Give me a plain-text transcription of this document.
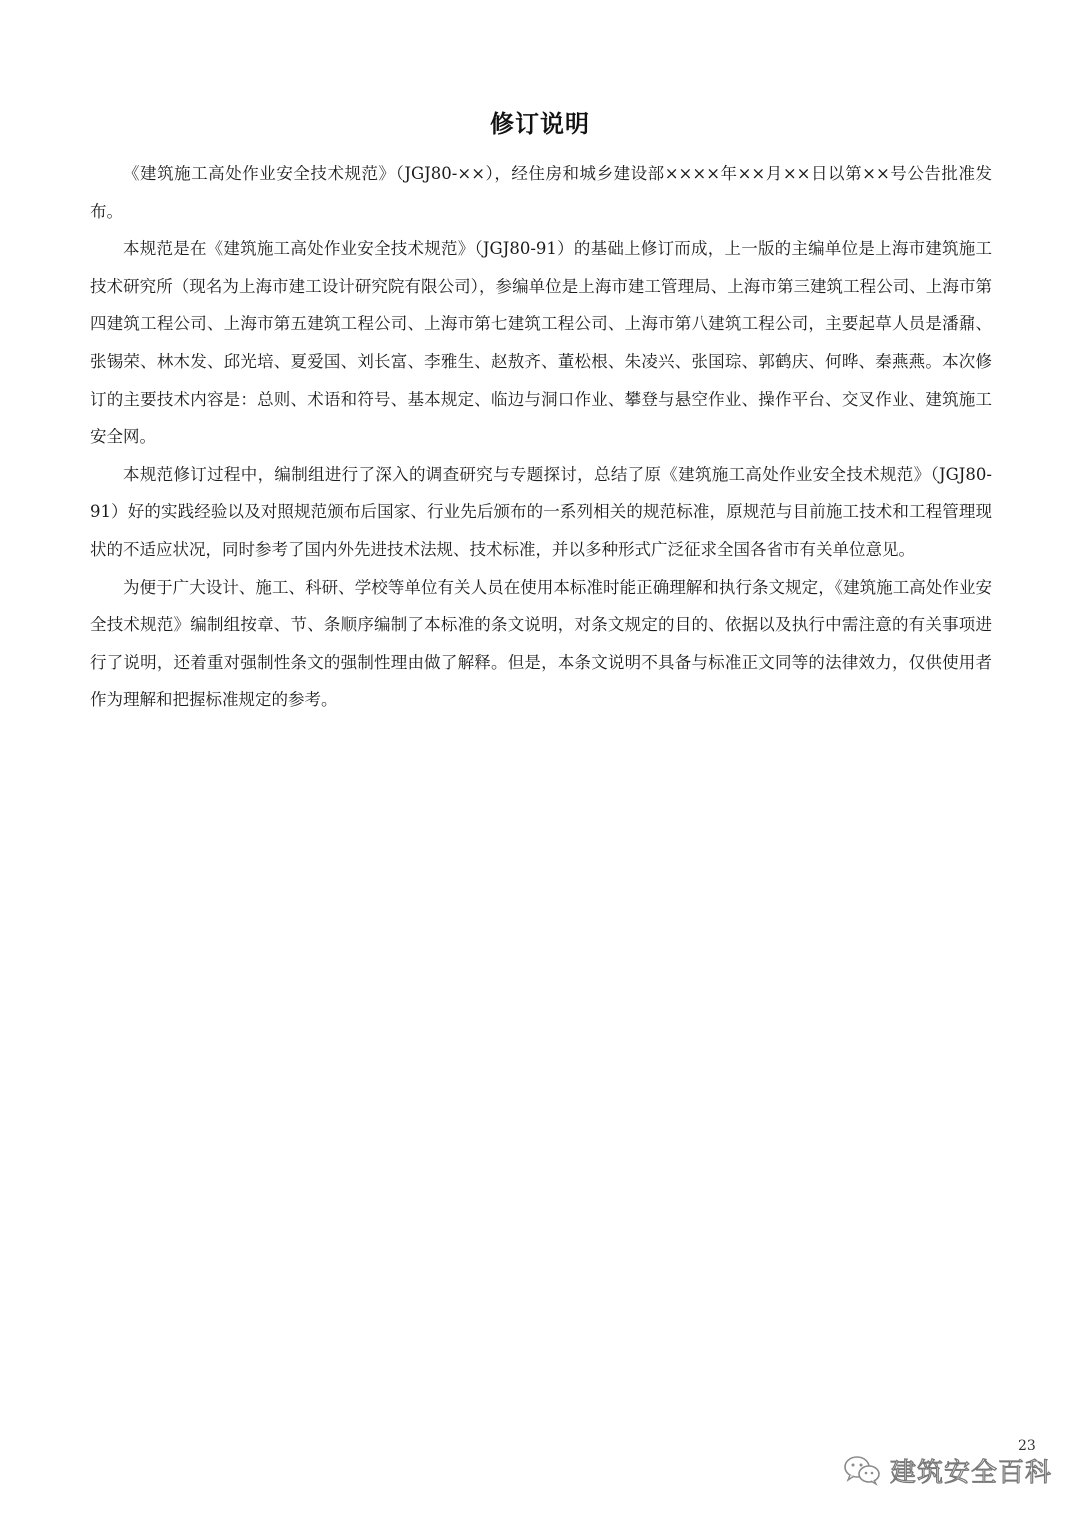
修订说明

《建筑施工高处作业安全技术规范》（JGJ80-××），经住房和城乡建设部××××年××月××日以第××号公告批准发布。

本规范是在《建筑施工高处作业安全技术规范》（JGJ80-91）的基础上修订而成，上一版的主编单位是上海市建筑施工技术研究所（现名为上海市建工设计研究院有限公司），参编单位是上海市建工管理局、上海市第三建筑工程公司、上海市第四建筑工程公司、上海市第五建筑工程公司、上海市第七建筑工程公司、上海市第八建筑工程公司，主要起草人员是潘鼐、张锡荣、林木发、邱光培、夏爱国、刘长富、李雅生、赵敖齐、董松根、朱凌兴、张国琮、郭鹤庆、何晔、秦燕燕。本次修订的主要技术内容是：总则、术语和符号、基本规定、临边与洞口作业、攀登与悬空作业、操作平台、交叉作业、建筑施工安全网。

本规范修订过程中，编制组进行了深入的调查研究与专题探讨，总结了原《建筑施工高处作业安全技术规范》（JGJ80-91）好的实践经验以及对照规范颁布后国家、行业先后颁布的一系列相关的规范标准，原规范与目前施工技术和工程管理现状的不适应状况，同时参考了国内外先进技术法规、技术标准，并以多种形式广泛征求全国各省市有关单位意见。

为便于广大设计、施工、科研、学校等单位有关人员在使用本标准时能正确理解和执行条文规定，《建筑施工高处作业安全技术规范》编制组按章、节、条顺序编制了本标准的条文说明，对条文规定的目的、依据以及执行中需注意的有关事项进行了说明，还着重对强制性条文的强制性理由做了解释。但是，本条文说明不具备与标准正文同等的法律效力，仅供使用者作为理解和把握标准规定的参考。

23
建筑安全百科
